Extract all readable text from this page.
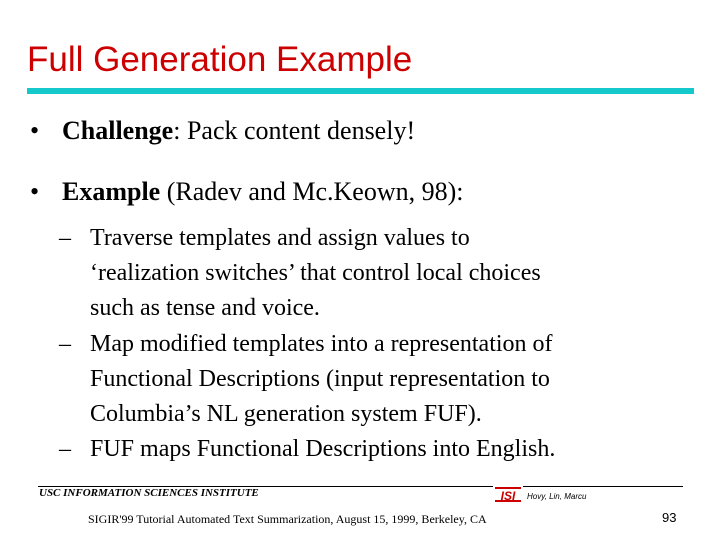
Full Generation Example
• Challenge: Pack content densely!
• Example (Radev and Mc.Keown, 98):
– Traverse templates and assign values to
‘realization switches’ that control local choices
such as tense and voice.
– Map modified templates into a representation of
Functional Descriptions (input representation to
Columbia’s NL generation system FUF).
– FUF maps Functional Descriptions into English.
USC INFORMATION SCIENCES INSTITUTE	ISI	Hovy, Lin, Marcu
SIGIR'99 Tutorial Automated Text Summarization, August 15, 1999, Berkeley, CA	93
